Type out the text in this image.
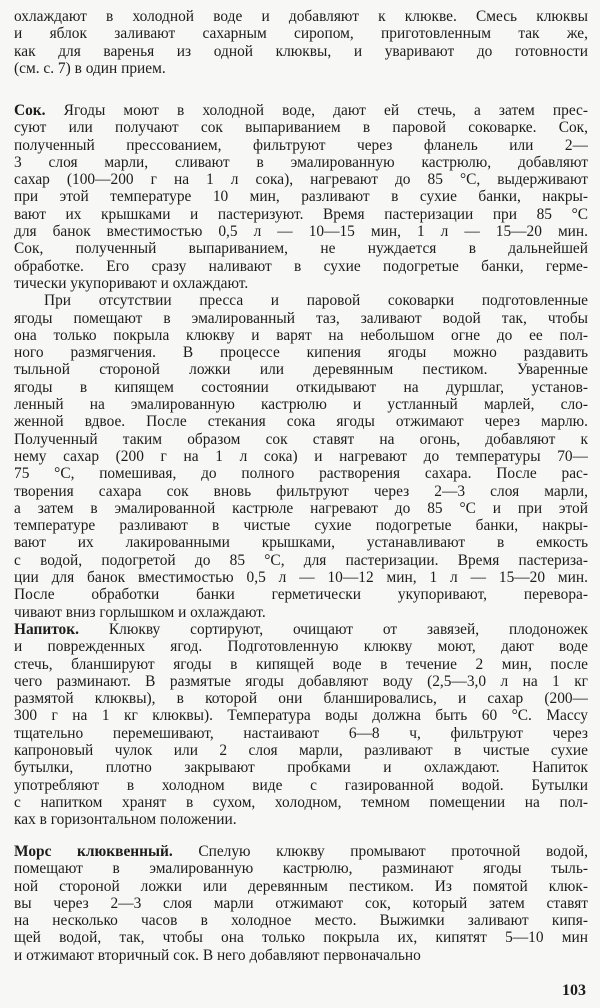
охлаждают в холодной воде и добавляют к клюкве. Смесь клюквы
и яблок заливают сахарным сиропом, приготовленным так же,
как для варенья из одной клюквы, и уваривают до готовности
(см. с. 7) в один прием.
Сок. Ягоды моют в холодной воде, дают ей стечь, а затем прес-
суют или получают сок выпариванием в паровой соковарке. Сок,
полученный прессованием, фильтруют через фланель или 2—
3 слоя марли, сливают в эмалированную кастрюлю, добавляют
сахар (100—200 г на 1 л сока), нагревают до 85 °C, выдерживают
при этой температуре 10 мин, разливают в сухие банки, накры-
вают их крышками и пастеризуют. Время пастеризации при 85 °C
для банок вместимостью 0,5 л — 10—15 мин, 1 л — 15—20 мин.
Сок, полученный выпариванием, не нуждается в дальнейшей
обработке. Его сразу наливают в сухие подогретые банки, герме-
тически укупоривают и охлаждают.
При отсутствии пресса и паровой соковарки подготовленные
ягоды помещают в эмалированный таз, заливают водой так, чтобы
она только покрыла клюкву и варят на небольшом огне до ее пол-
ного размягчения. В процессе кипения ягоды можно раздавить
тыльной стороной ложки или деревянным пестиком. Уваренные
ягоды в кипящем состоянии откидывают на дуршлаг, установ-
ленный на эмалированную кастрюлю и устланный марлей, сло-
женной вдвое. После стекания сока ягоды отжимают через марлю.
Полученный таким образом сок ставят на огонь, добавляют к
нему сахар (200 г на 1 л сока) и нагревают до температуры 70—
75 °C, помешивая, до полного растворения сахара. После рас-
творения сахара сок вновь фильтруют через 2—3 слоя марли,
а затем в эмалированной кастрюле нагревают до 85 °C и при этой
температуре разливают в чистые сухие подогретые банки, накры-
вают их лакированными крышками, устанавливают в емкость
с водой, подогретой до 85 °C, для пастеризации. Время пастериза-
ции для банок вместимостью 0,5 л — 10—12 мин, 1 л — 15—20 мин.
После обработки банки герметически укупоривают, перевора-
чивают вниз горлышком и охлаждают.
Напиток. Клюкву сортируют, очищают от завязей, плодоножек
и поврежденных ягод. Подготовленную клюкву моют, дают воде
стечь, бланшируют ягоды в кипящей воде в течение 2 мин, после
чего разминают. В размятые ягоды добавляют воду (2,5—3,0 л на 1 кг
размятой клюквы), в которой они бланшировались, и сахар (200—
300 г на 1 кг клюквы). Температура воды должна быть 60 °C. Массу
тщательно перемешивают, настаивают 6—8 ч, фильтруют через
капроновый чулок или 2 слоя марли, разливают в чистые сухие
бутылки, плотно закрывают пробками и охлаждают. Напиток
употребляют в холодном виде с газированной водой. Бутылки
с напитком хранят в сухом, холодном, темном помещении на пол-
ках в горизонтальном положении.
Морс клюквенный. Спелую клюкву промывают проточной водой,
помещают в эмалированную кастрюлю, разминают ягоды тыль-
ной стороной ложки или деревянным пестиком. Из помятой клюк-
вы через 2—3 слоя марли отжимают сок, который затем ставят
на несколько часов в холодное место. Выжимки заливают кипя-
щей водой, так, чтобы она только покрыла их, кипятят 5—10 мин
и отжимают вторичный сок. В него добавляют первоначально
103
